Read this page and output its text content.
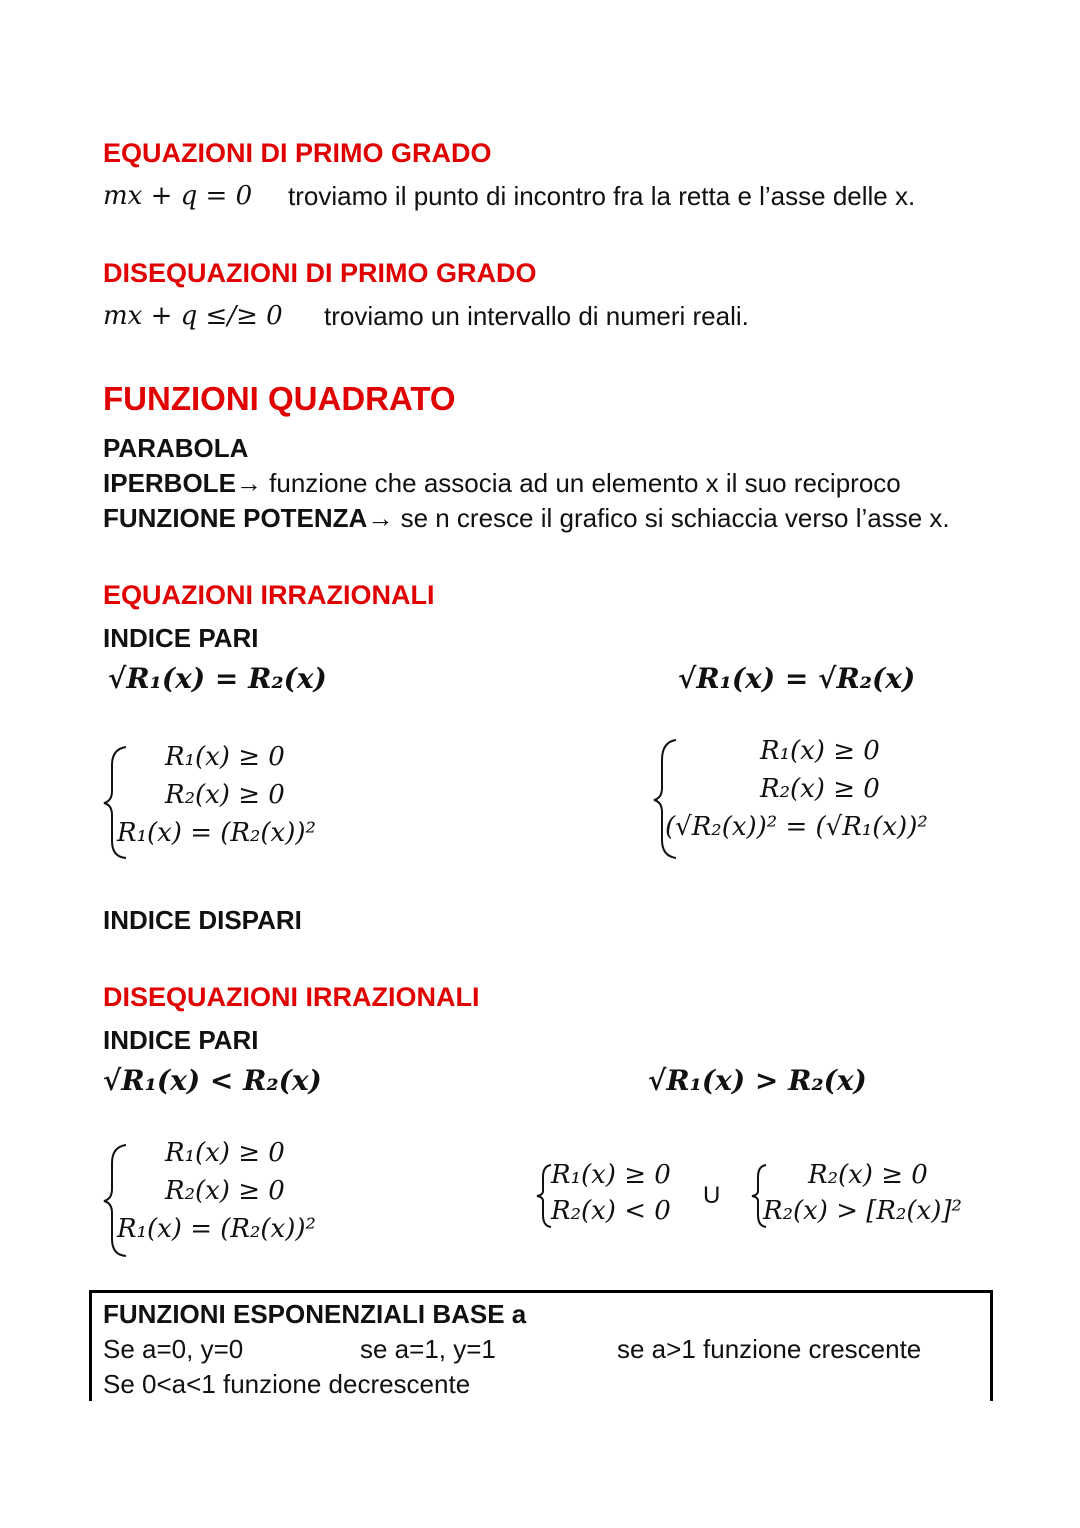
EQUAZIONI DI PRIMO GRADO
mx + q = 0 troviamo il punto di incontro fra la retta e l’asse delle x.
DISEQUAZIONI DI PRIMO GRADO
mx + q ≤/≥ 0 troviamo un intervallo di numeri reali.
FUNZIONI QUADRATO
PARABOLA
IPERBOLE→ funzione che associa ad un elemento x il suo reciproco
FUNZIONE POTENZA→ se n cresce il grafico si schiaccia verso l’asse x.
EQUAZIONI IRRAZIONALI
INDICE PARI
√R₁(x) = R₂(x)	√R₁(x) = √R₂(x)
R₁(x) ≥ 0
R₂(x) ≥ 0
R₁(x) = (R₂(x))²
R₁(x) ≥ 0
R₂(x) ≥ 0
(√R₂(x))² = (√R₁(x))²
INDICE DISPARI
DISEQUAZIONI IRRAZIONALI
INDICE PARI
√R₁(x) < R₂(x)	√R₁(x) > R₂(x)
R₁(x) ≥ 0
R₂(x) ≥ 0
R₁(x) = (R₂(x))²
R₁(x) ≥ 0
R₂(x) < 0
U
R₂(x) ≥ 0
R₂(x) > [R₂(x)]²
FUNZIONI ESPONENZIALI BASE a
Se a=0, y=0	se a=1, y=1	se a>1 funzione crescente
Se 0<a<1 funzione decrescente
